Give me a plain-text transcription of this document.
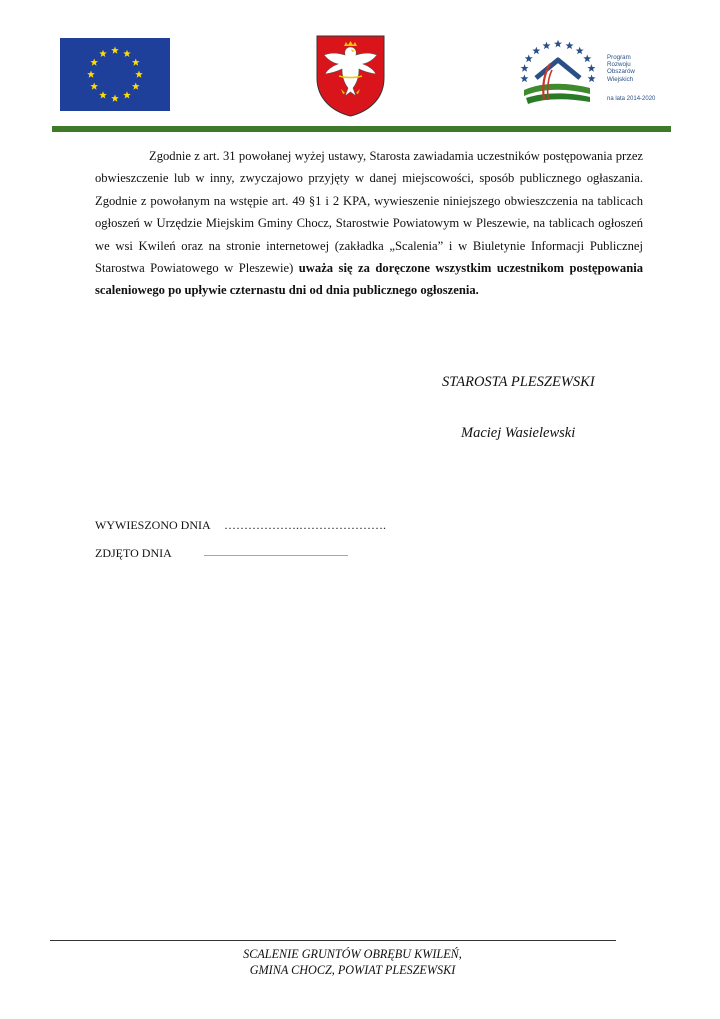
Program
Rozwoju
Obszarów
Wiejskich
na lata 2014-2020
Zgodnie z art. 31 powołanej wyżej ustawy, Starosta zawiadamia uczestników postępowania przez obwieszczenie lub w inny, zwyczajowo przyjęty w danej miejscowości, sposób publicznego ogłaszania. Zgodnie z powołanym na wstępie art. 49 §1 i 2 KPA, wywieszenie niniejszego obwieszczenia na tablicach ogłoszeń w Urzędzie Miejskim Gminy Chocz, Starostwie Powiatowym w Pleszewie, na tablicach ogłoszeń we wsi Kwileń oraz na stronie internetowej (zakładka „Scalenia” i w Biuletynie Informacji Publicznej Starostwa Powiatowego w Pleszewie) uważa się za doręczone wszystkim uczestnikom postępowania scaleniowego po upływie czternastu dni od dnia publicznego ogłoszenia.
STAROSTA PLESZEWSKI
Maciej Wasielewski
WYWIESZONO DNIA ……………….………………….
ZDJĘTO DNIA	........................................................................
SCALENIE GRUNTÓW OBRĘBU KWILEŃ,
GMINA CHOCZ, POWIAT PLESZEWSKI
